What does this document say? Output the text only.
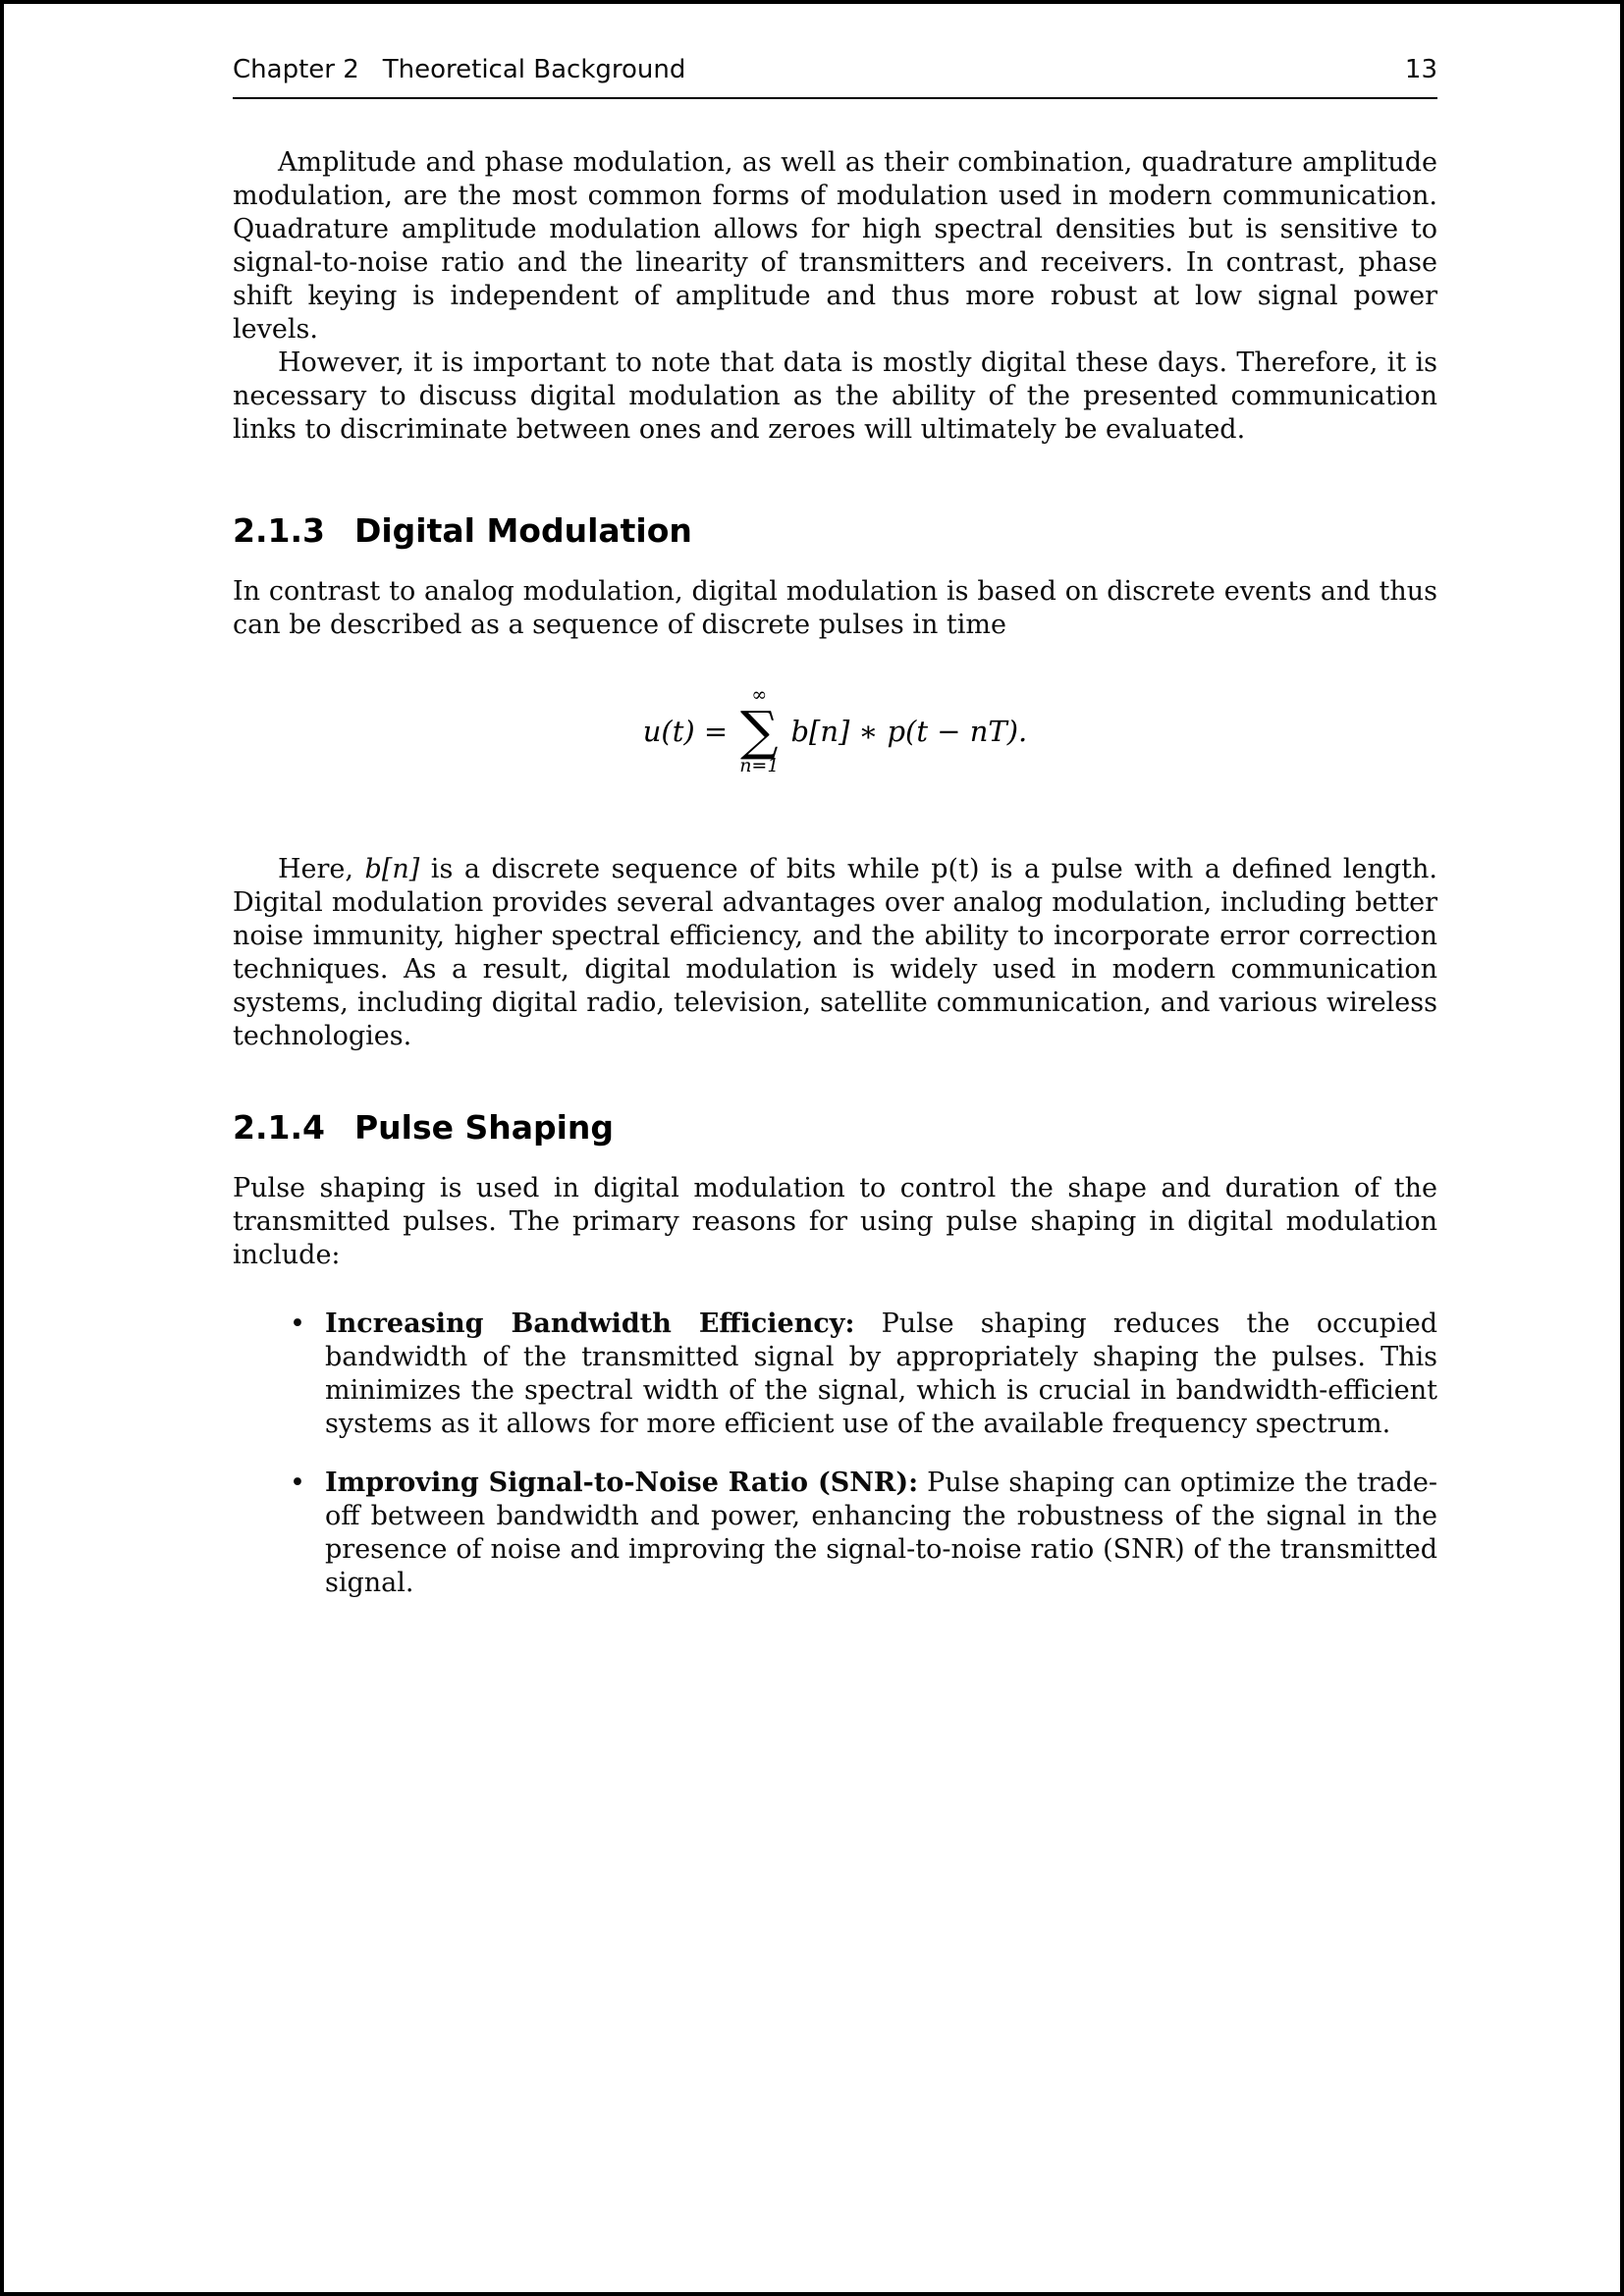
Chapter 2 Theoretical Background	13

Amplitude and phase modulation, as well as their combination, quadrature amplitude modulation, are the most common forms of modulation used in modern communication. Quadrature amplitude modulation allows for high spectral densities but is sensitive to signal-to-noise ratio and the linearity of transmitters and receivers. In contrast, phase shift keying is independent of amplitude and thus more robust at low signal power levels.

However, it is important to note that data is mostly digital these days. Therefore, it is necessary to discuss digital modulation as the ability of the presented communication links to discriminate between ones and zeroes will ultimately be evaluated.

2.1.3 Digital Modulation

In contrast to analog modulation, digital modulation is based on discrete events and thus can be described as a sequence of discrete pulses in time

u(t) =
∞
∑
n=1
b[n] ∗ p(t − nT).

Here, b[n] is a discrete sequence of bits while p(t) is a pulse with a defined length. Digital modulation provides several advantages over analog modulation, including better noise immunity, higher spectral efficiency, and the ability to incorporate error correction techniques. As a result, digital modulation is widely used in modern communication systems, including digital radio, television, satellite communication, and various wireless technologies.

2.1.4 Pulse Shaping

Pulse shaping is used in digital modulation to control the shape and duration of the transmitted pulses. The primary reasons for using pulse shaping in digital modulation include:

• Increasing Bandwidth Efficiency: Pulse shaping reduces the occupied bandwidth of the transmitted signal by appropriately shaping the pulses. This minimizes the spectral width of the signal, which is crucial in bandwidth-efficient systems as it allows for more efficient use of the available frequency spectrum.
• Improving Signal-to-Noise Ratio (SNR): Pulse shaping can optimize the trade-off between bandwidth and power, enhancing the robustness of the signal in the presence of noise and improving the signal-to-noise ratio (SNR) of the transmitted signal.
